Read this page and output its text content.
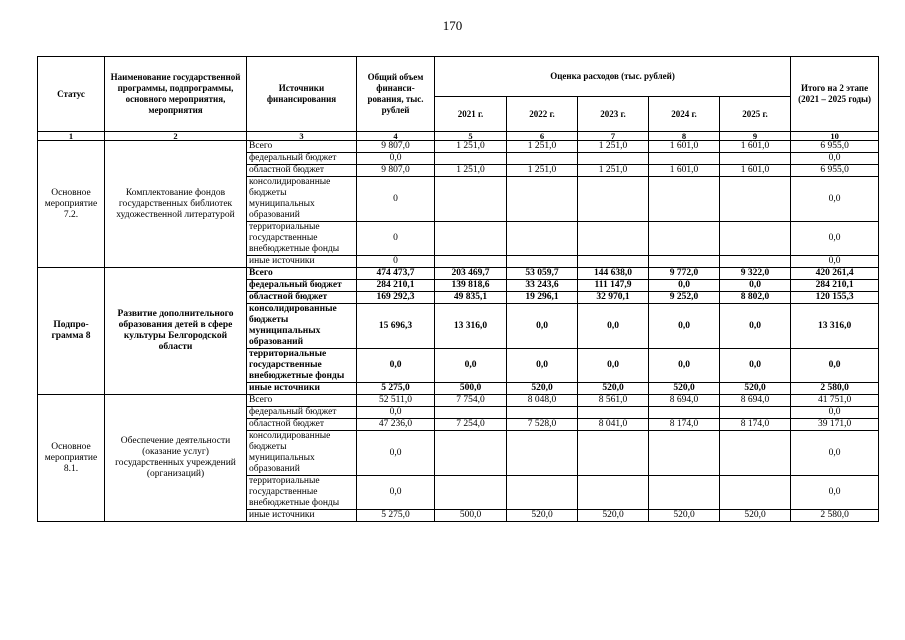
170
Статус	Наименование государственной программы, подпрограммы, основного мероприятия, мероприятия	Источники финансирования	Общий объем финанси-рования, тыс. рублей	Оценка расходов (тыс. рублей)					Итого на 2 этапе (2021 – 2025 годы)
				2021 г.	2022 г.	2023 г.	2024 г.	2025 г.	
1	2	3	4	5	6	7	8	9	10
Основное мероприятие 7.2.	Комплектование фондов государственных библиотек художественной литературой	Всего	9 807,0	1 251,0	1 251,0	1 251,0	1 601,0	1 601,0	6 955,0
		федеральный бюджет	0,0						0,0
		областной бюджет	9 807,0	1 251,0	1 251,0	1 251,0	1 601,0	1 601,0	6 955,0
		консолидированные бюджеты муниципальных образований	0						0,0
		территориальные государственные внебюджетные фонды	0						0,0
		иные источники	0						0,0
Подпро-грамма 8	Развитие дополнительного образования детей в сфере культуры Белгородской области	Всего	474 473,7	203 469,7	53 059,7	144 638,0	9 772,0	9 322,0	420 261,4
		федеральный бюджет	284 210,1	139 818,6	33 243,6	111 147,9	0,0	0,0	284 210,1
		областной бюджет	169 292,3	49 835,1	19 296,1	32 970,1	9 252,0	8 802,0	120 155,3
		консолидированные бюджеты муниципальных образований	15 696,3	13 316,0	0,0	0,0	0,0	0,0	13 316,0
		территориальные государственные внебюджетные фонды	0,0	0,0	0,0	0,0	0,0	0,0	0,0
		иные источники	5 275,0	500,0	520,0	520,0	520,0	520,0	2 580,0
Основное мероприятие 8.1.	Обеспечение деятельности (оказание услуг) государственных учреждений (организаций)	Всего	52 511,0	7 754,0	8 048,0	8 561,0	8 694,0	8 694,0	41 751,0
		федеральный бюджет	0,0						0,0
		областной бюджет	47 236,0	7 254,0	7 528,0	8 041,0	8 174,0	8 174,0	39 171,0
		консолидированные бюджеты муниципальных образований	0,0						0,0
		территориальные государственные внебюджетные фонды	0,0						0,0
		иные источники	5 275,0	500,0	520,0	520,0	520,0	520,0	2 580,0
